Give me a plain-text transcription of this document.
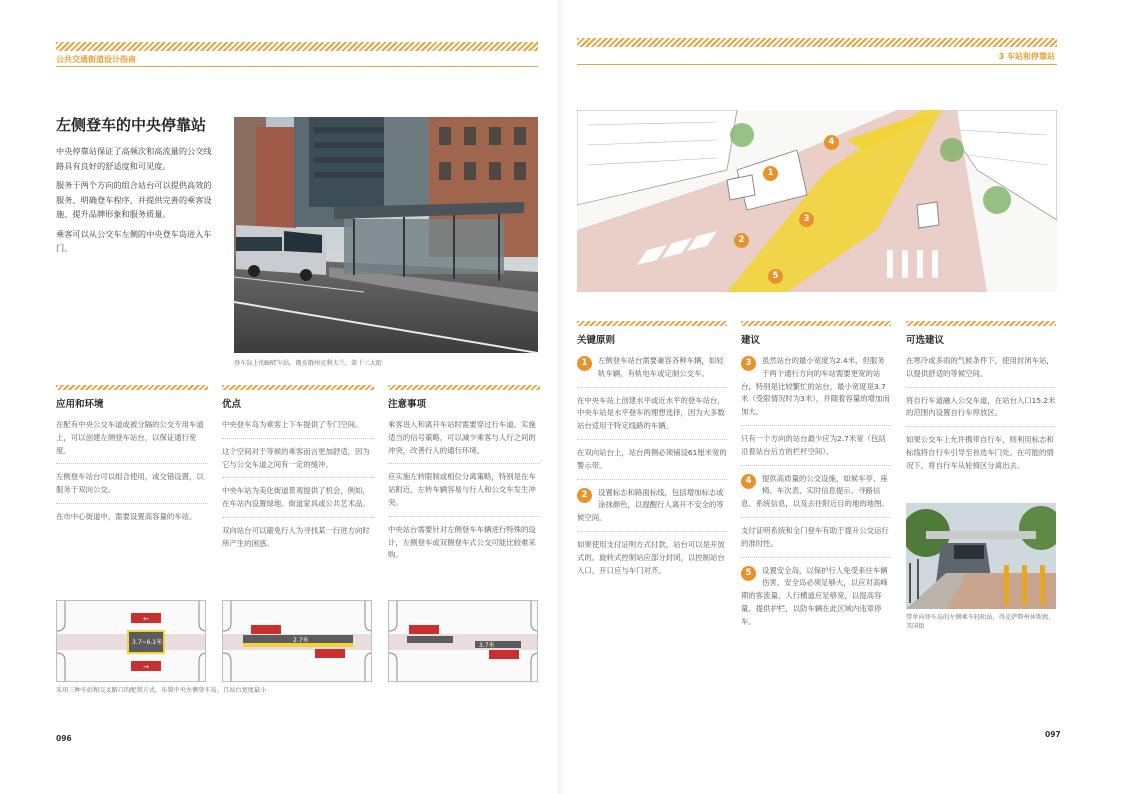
公共交通街道设计指南
左侧登车的中央停靠站

中央停靠站保证了高频次和高流量的公交线路具有良好的舒适度和可见度。

服务于两个方向的组合站台可以提供高效的服务、明确登车程序，并提供完善的乘客设施、提升品牌形象和服务质量。

乘客可以从公交车左侧的中央登车岛进入车门。

登车岛上的BRT车站，俄亥俄州克利夫兰，第十三大街
应用和环境

在配有中央公交车道或被分隔的公交专用车道上，可以创建左侧登车站台，以保证通行宽度。

左侧登车站台可以组合使用，或交错设置，以服务于双向公交。

在市中心街道中，需要设置高容量的车站。

优点

中央登车岛为乘客上下车提供了专门空间。

这个空间对于等候的乘客而言更加舒适，因为它与公交车道之间有一定的缓冲。

中央车站为美化街道景观提供了机会，例如，在车站内设置绿地、街道家具或公共艺术品。

双向站台可以避免行人为寻找某一行进方向时所产生的困惑。

注意事项

乘客进入和离开车站时需要穿过行车道。实施适当的信号策略，可以减少乘客与人行之间的冲突，改善行人的通行环境。

应实施左转限制或相位分离策略，特别是在车站附近，左转车辆容易与行人和公交车发生冲突。

中央站台需要针对左侧登车车辆进行特殊的设计，左侧登车或双侧登车式公交可能比较难采购。

←
→
3.7~6.1米	2.7米
3.7米
采用三种车站和交叉路口的配置方式，布置中央左侧登车岛，且站台宽度最小
096
3 车站和停靠站
1
2
3
4
5
关键原则

1	左侧登车站台需要兼容各种车辆，如轻轨车辆、有轨电车或定制公交车。

在中央车站上创建水平或近水平的登车站台，中央车站是水平登车的理想选择，因为大多数站台适用于特定线路的车辆。

在双向站台上，站台两侧必须铺设61厘米宽的警示带。

2	设置标志和路面标线，包括增加标志或涂抹颜色，以提醒行人离开不安全的等候空间。

如果使用支付证明方式付款，站台可以是开放式的。旋转式控制站应部分封闭，以控制站台入口，开口应与车门对齐。

建议

3	虽然站台的最小宽度为2.4米，但服务于两个通行方向的车站需要更宽的站台，特别是比较繁忙的站台，最小宽度是3.7米（受限情况时为3米），并随着容量的增加而加大。

只有一个方向的站台最少应为2.7米宽（包括沿着站台后方的栏杆空间）。

4	提供高质量的公交设施，如候车亭、座椅、车次表、实时信息提示、寻路信息、系统信息，以及去往附近目的地的地图。

支付证明系统和全门登车有助于提升公交运行的准时性。

5	设置安全岛，以保护行人免受来往车辆伤害。安全岛必须足够大，以应对高峰期的客流量。人行横道应足够宽，以提高容量。提供护栏，以防车辆在此区域内违章停车。

可选建议

在寒冷或多雨的气候条件下，使用封闭车站，以提供舒适的等候空间。

将自行车道融入公交车道，在站台入口15.2米的范围内设置自行车停放区。

如果公交车上允许携带自行车，则利用标志和标线将自行车引导至首选车门处。在可能的情况下，将自行车从轮椅区分离出去。

带单向登车岛的左侧乘车轻轨站，得克萨斯州休斯敦，美国街
097
